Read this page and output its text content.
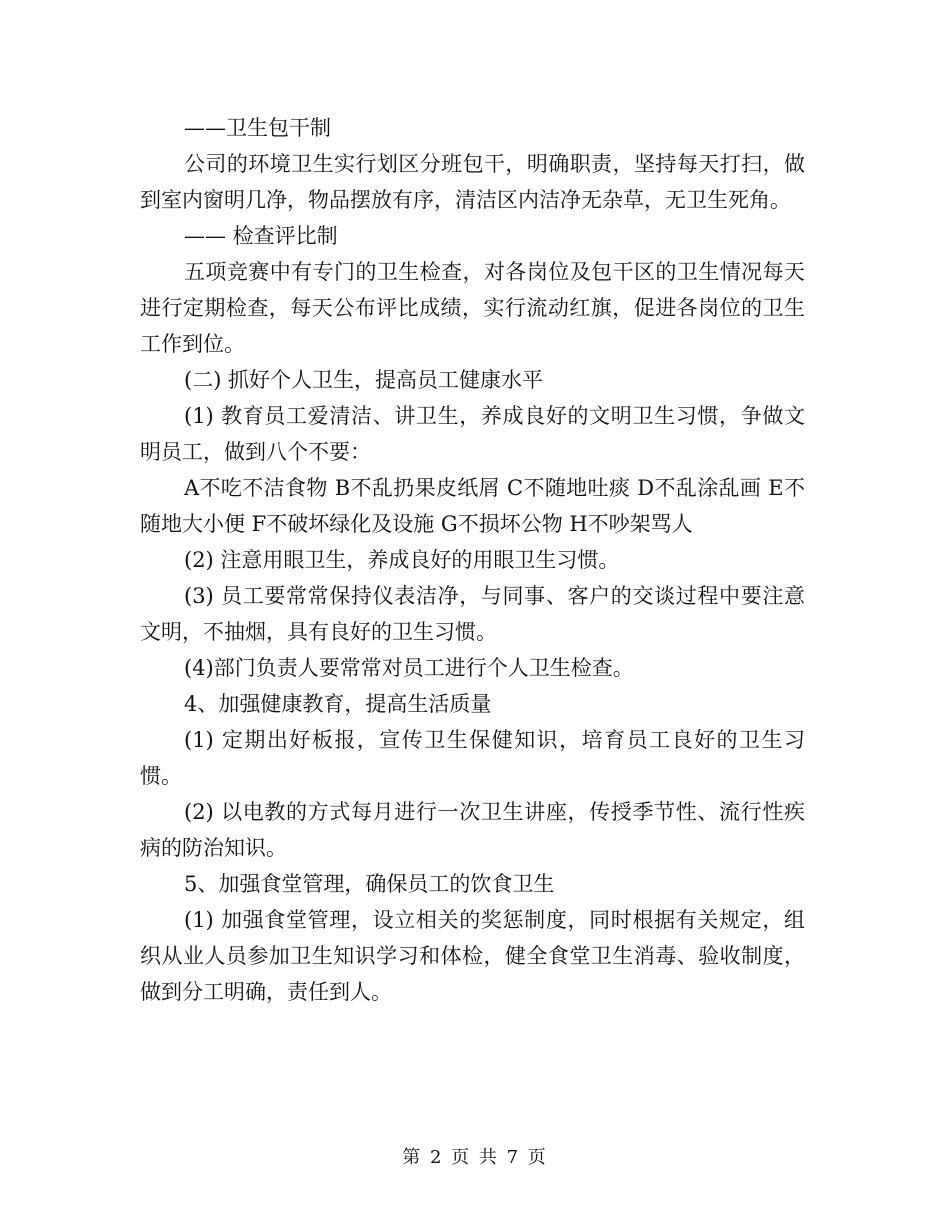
——卫生包干制

公司的环境卫生实行划区分班包干，明确职责，坚持每天打扫，做到室内窗明几净，物品摆放有序，清洁区内洁净无杂草，无卫生死角。

—— 检查评比制

五项竞赛中有专门的卫生检查，对各岗位及包干区的卫生情况每天进行定期检查，每天公布评比成绩，实行流动红旗，促进各岗位的卫生工作到位。

(二) 抓好个人卫生，提高员工健康水平

(1) 教育员工爱清洁、讲卫生，养成良好的文明卫生习惯，争做文明员工，做到八个不要：

A不吃不洁食物 B不乱扔果皮纸屑 C不随地吐痰 D不乱涂乱画 E不随地大小便 F不破坏绿化及设施 G不损坏公物 H不吵架骂人

(2) 注意用眼卫生，养成良好的用眼卫生习惯。

(3) 员工要常常保持仪表洁净，与同事、客户的交谈过程中要注意文明，不抽烟，具有良好的卫生习惯。

(4)部门负责人要常常对员工进行个人卫生检查。

4、加强健康教育，提高生活质量

(1) 定期出好板报，宣传卫生保健知识，培育员工良好的卫生习惯。

(2) 以电教的方式每月进行一次卫生讲座，传授季节性、流行性疾病的防治知识。

5、加强食堂管理，确保员工的饮食卫生

(1) 加强食堂管理，设立相关的奖惩制度，同时根据有关规定，组织从业人员参加卫生知识学习和体检，健全食堂卫生消毒、验收制度，做到分工明确，责任到人。

第 2 页 共 7 页
